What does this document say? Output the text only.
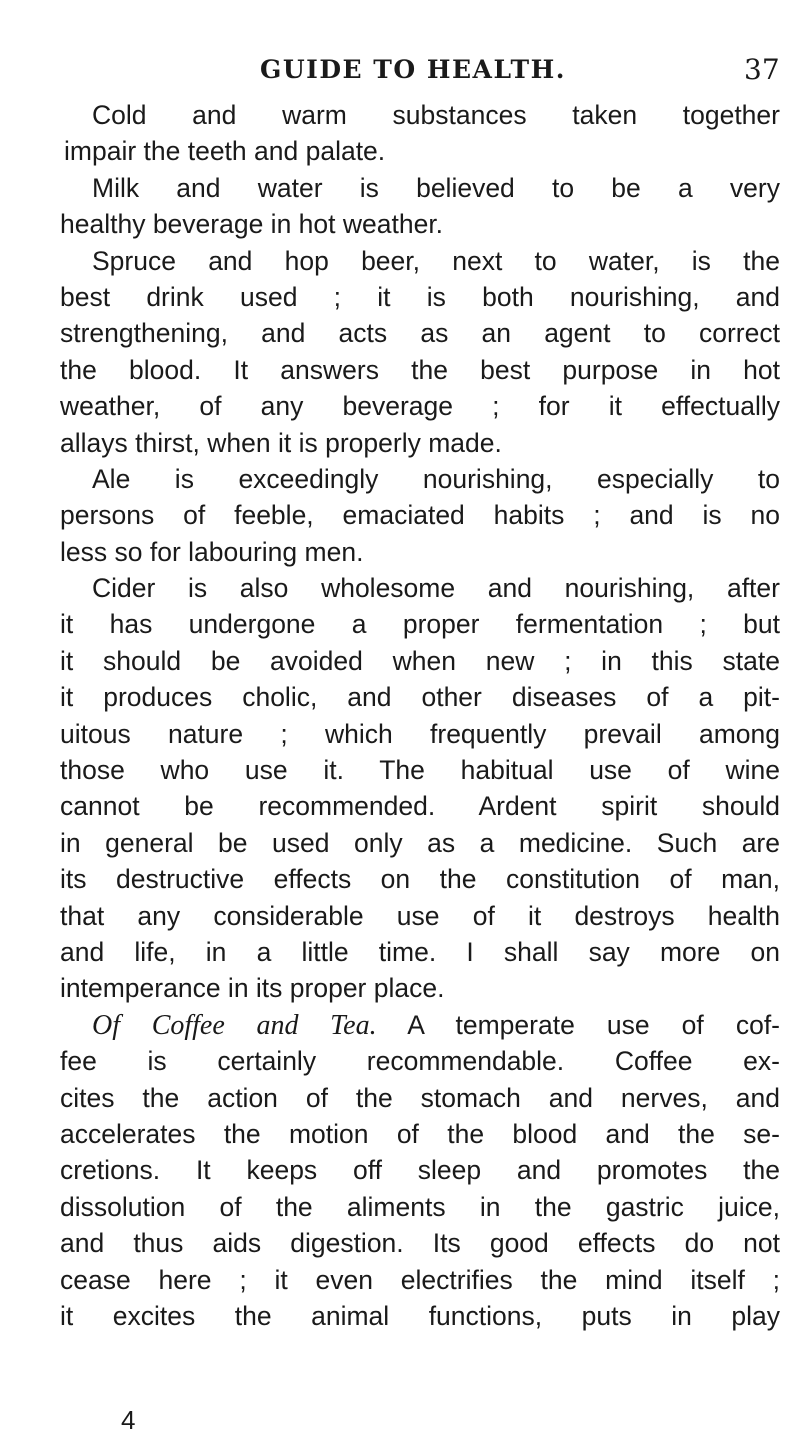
GUIDE TO HEALTH.	37
Cold and warm substances taken together
impair the teeth and palate.
Milk and water is believed to be a very
healthy beverage in hot weather.
Spruce and hop beer, next to water, is the
best drink used ; it is both nourishing, and
strengthening, and acts as an agent to correct
the blood. It answers the best purpose in hot
weather, of any beverage ; for it effectually
allays thirst, when it is properly made.
Ale is exceedingly nourishing, especially to
persons of feeble, emaciated habits ; and is no
less so for labouring men.
Cider is also wholesome and nourishing, after
it has undergone a proper fermentation ; but
it should be avoided when new ; in this state
it produces cholic, and other diseases of a pit-
uitous nature ; which frequently prevail among
those who use it. The habitual use of wine
cannot be recommended. Ardent spirit should
in general be used only as a medicine. Such are
its destructive effects on the constitution of man,
that any considerable use of it destroys health
and life, in a little time. I shall say more on
intemperance in its proper place.
Of Coffee and Tea. A temperate use of cof-
fee is certainly recommendable. Coffee ex-
cites the action of the stomach and nerves, and
accelerates the motion of the blood and the se-
cretions. It keeps off sleep and promotes the
dissolution of the aliments in the gastric juice,
and thus aids digestion. Its good effects do not
cease here ; it even electrifies the mind itself ;
it excites the animal functions, puts in play
4
